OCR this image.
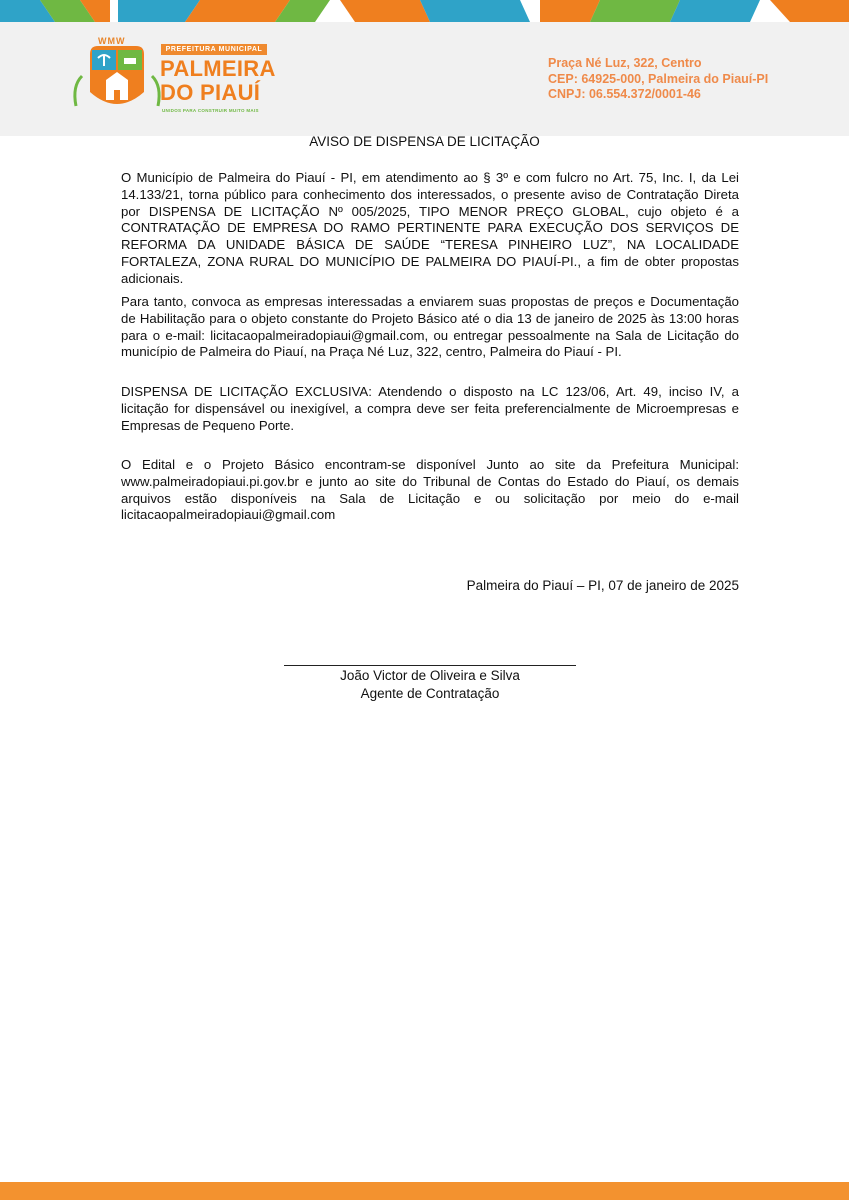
WMW
PREFEITURA MUNICIPAL
PALMEIRA
DO PIAUÍ
UNIDOS PARA CONSTRUIR MUITO MAIS
Praça Né Luz, 322, Centro
CEP: 64925-000, Palmeira do Piauí-PI
CNPJ: 06.554.372/0001-46
AVISO DE DISPENSA DE LICITAÇÃO
O Município de Palmeira do Piauí - PI, em atendimento ao § 3º e com fulcro no Art. 75, Inc. I, da Lei 14.133/21, torna público para conhecimento dos interessados, o presente aviso de Contratação Direta por DISPENSA DE LICITAÇÃO Nº 005/2025, TIPO MENOR PREÇO GLOBAL, cujo objeto é a CONTRATAÇÃO DE EMPRESA DO RAMO PERTINENTE PARA EXECUÇÃO DOS SERVIÇOS DE REFORMA DA UNIDADE BÁSICA DE SAÚDE “TERESA PINHEIRO LUZ”, NA LOCALIDADE FORTALEZA, ZONA RURAL DO MUNICÍPIO DE PALMEIRA DO PIAUÍ-PI., a fim de obter propostas adicionais.
Para tanto, convoca as empresas interessadas a enviarem suas propostas de preços e Documentação de Habilitação para o objeto constante do Projeto Básico até o dia 13 de janeiro de 2025 às 13:00 horas para o e-mail: licitacaopalmeiradopiaui@gmail.com, ou entregar pessoalmente na Sala de Licitação do município de Palmeira do Piauí, na Praça Né Luz, 322, centro, Palmeira do Piauí - PI.
DISPENSA DE LICITAÇÃO EXCLUSIVA: Atendendo o disposto na LC 123/06, Art. 49, inciso IV, a licitação for dispensável ou inexigível, a compra deve ser feita preferencialmente de Microempresas e Empresas de Pequeno Porte.
O Edital e o Projeto Básico encontram-se disponível Junto ao site da Prefeitura Municipal: www.palmeiradopiaui.pi.gov.br e junto ao site do Tribunal de Contas do Estado do Piauí, os demais arquivos estão disponíveis na Sala de Licitação e ou solicitação por meio do e-mail licitacaopalmeiradopiaui@gmail.com
Palmeira do Piauí – PI, 07 de janeiro de 2025
João Victor de Oliveira e Silva
Agente de Contratação
